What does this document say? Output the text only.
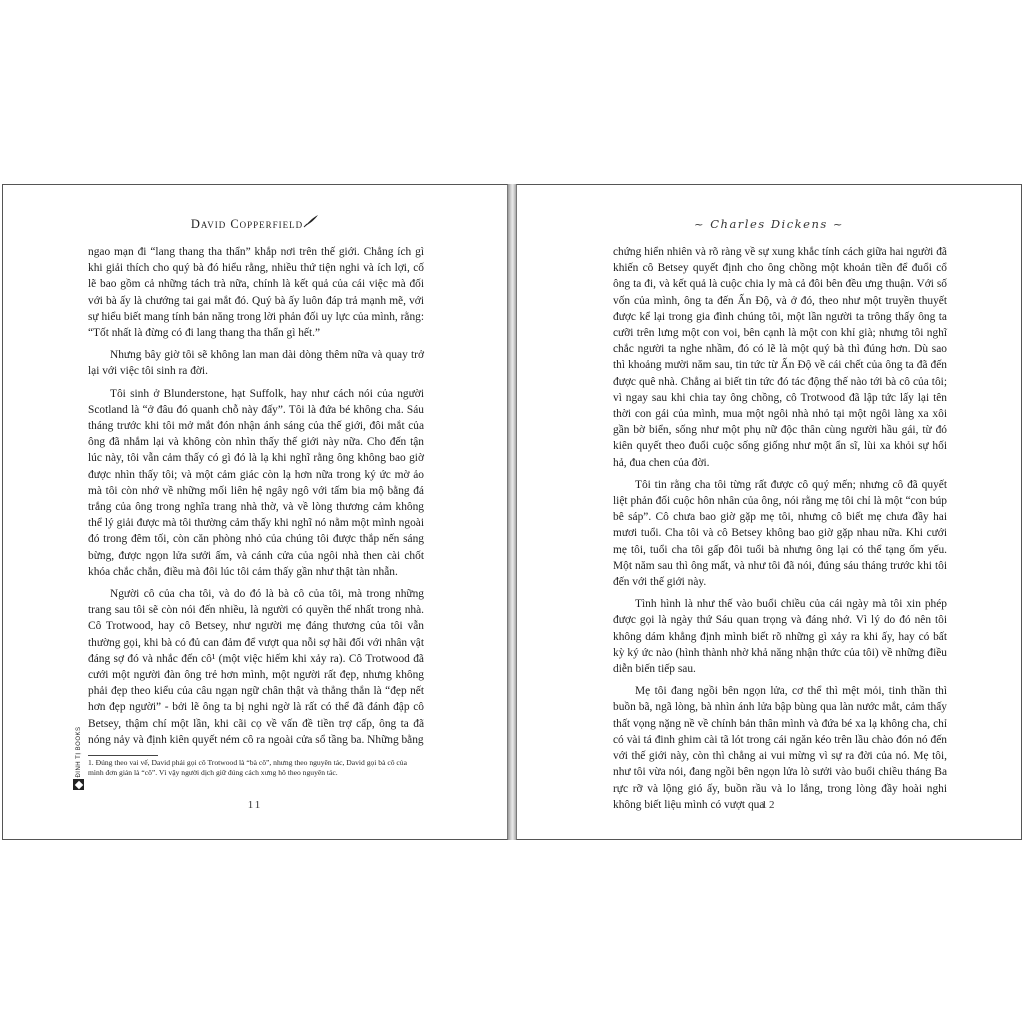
David Copperfield

ngao mạn đi “lang thang tha thẩn” khắp nơi trên thế giới. Chẳng ích gì khi giải thích cho quý bà đó hiểu rằng, nhiều thứ tiện nghi và ích lợi, cố lẽ bao gồm cả những tách trà nữa, chính là kết quả của cái việc mà đối với bà ấy là chướng tai gai mắt đó. Quý bà ấy luôn đáp trả mạnh mẽ, với sự hiểu biết mang tính bản năng trong lời phản đối uy lực của mình, rằng: “Tốt nhất là đừng có đi lang thang tha thẩn gì hết.”

Nhưng bây giờ tôi sẽ không lan man dài dòng thêm nữa và quay trở lại với việc tôi sinh ra đời.

Tôi sinh ở Blunderstone, hạt Suffolk, hay như cách nói của người Scotland là “ở đâu đó quanh chỗ này đấy”. Tôi là đứa bé không cha. Sáu tháng trước khi tôi mở mắt đón nhận ánh sáng của thế giới, đôi mắt của ông đã nhắm lại và không còn nhìn thấy thế giới này nữa. Cho đến tận lúc này, tôi vẫn cảm thấy có gì đó là lạ khi nghĩ rằng ông không bao giờ được nhìn thấy tôi; và một cảm giác còn lạ hơn nữa trong ký ức mờ ảo mà tôi còn nhớ về những mối liên hệ ngây ngô với tấm bia mộ bằng đá trắng của ông trong nghĩa trang nhà thờ, và về lòng thương cảm không thể lý giải được mà tôi thường cảm thấy khi nghĩ nó nằm một mình ngoài đó trong đêm tối, còn căn phòng nhỏ của chúng tôi được thắp nến sáng bừng, được ngọn lửa sưởi ấm, và cánh cửa của ngôi nhà then cài chốt khóa chắc chắn, điều mà đôi lúc tôi cảm thấy gần như thật tàn nhẫn.

Người cô của cha tôi, và do đó là bà cô của tôi, mà trong những trang sau tôi sẽ còn nói đến nhiều, là người có quyền thế nhất trong nhà. Cô Trotwood, hay cô Betsey, như người mẹ đáng thương của tôi vẫn thường gọi, khi bà có đủ can đảm để vượt qua nỗi sợ hãi đối với nhân vật đáng sợ đó và nhắc đến cô¹ (một việc hiếm khi xảy ra). Cô Trotwood đã cưới một người đàn ông trẻ hơn mình, một người rất đẹp, nhưng không phải đẹp theo kiểu của câu ngạn ngữ chân thật và thẳng thắn là “đẹp nết hơn đẹp người” - bởi lẽ ông ta bị nghi ngờ là rất có thể đã đánh đập cô Betsey, thậm chí một lần, khi cãi cọ về vấn đề tiền trợ cấp, ông ta đã nóng nảy và định kiên quyết ném cô ra ngoài cửa sổ tầng ba. Những bằng

1. Đúng theo vai vế, David phải gọi cô Trotwood là “bà cô”, nhưng theo nguyên tác, David gọi bà cô của mình đơn giản là “cô”. Vì vậy người dịch giữ đúng cách xưng hô theo nguyên tác.
ĐINH TỊ BOOKS
11
~ Charles Dickens ~

chứng hiển nhiên và rõ ràng về sự xung khắc tính cách giữa hai người đã khiến cô Betsey quyết định cho ông chồng một khoản tiền để đuổi cổ ông ta đi, và kết quả là cuộc chia ly mà cả đôi bên đều ưng thuận. Với số vốn của mình, ông ta đến Ấn Độ, và ở đó, theo như một truyền thuyết được kể lại trong gia đình chúng tôi, một lần người ta trông thấy ông ta cưỡi trên lưng một con voi, bên cạnh là một con khỉ già; nhưng tôi nghĩ chắc người ta nghe nhầm, đó có lẽ là một quý bà thì đúng hơn. Dù sao thì khoảng mười năm sau, tin tức từ Ấn Độ về cái chết của ông ta đã đến được quê nhà. Chẳng ai biết tin tức đó tác động thế nào tới bà cô của tôi; vì ngay sau khi chia tay ông chồng, cô Trotwood đã lập tức lấy lại tên thời con gái của mình, mua một ngôi nhà nhỏ tại một ngôi làng xa xôi gần bờ biển, sống như một phụ nữ độc thân cùng người hầu gái, từ đó kiên quyết theo đuổi cuộc sống giống như một ẩn sĩ, lùi xa khỏi sự hối hả, đua chen của đời.

Tôi tin rằng cha tôi từng rất được cô quý mến; nhưng cô đã quyết liệt phản đối cuộc hôn nhân của ông, nói rằng mẹ tôi chỉ là một “con búp bê sáp”. Cô chưa bao giờ gặp mẹ tôi, nhưng cô biết mẹ chưa đầy hai mươi tuổi. Cha tôi và cô Betsey không bao giờ gặp nhau nữa. Khi cưới mẹ tôi, tuổi cha tôi gấp đôi tuổi bà nhưng ông lại có thể tạng ốm yếu. Một năm sau thì ông mất, và như tôi đã nói, đúng sáu tháng trước khi tôi đến với thế giới này.

Tình hình là như thế vào buổi chiều của cái ngày mà tôi xin phép được gọi là ngày thứ Sáu quan trọng và đáng nhớ. Vì lý do đó nên tôi không dám khẳng định mình biết rõ những gì xảy ra khi ấy, hay có bất kỳ ký ức nào (hình thành nhờ khả năng nhận thức của tôi) về những điều diễn biến tiếp sau.

Mẹ tôi đang ngồi bên ngọn lửa, cơ thể thì mệt mỏi, tinh thần thì buồn bã, ngã lòng, bà nhìn ánh lửa bập bùng qua làn nước mắt, cảm thấy thất vọng nặng nề về chính bản thân mình và đứa bé xa lạ không cha, chỉ có vài tá đinh ghim cài tã lót trong cái ngăn kéo trên lầu chào đón nó đến với thế giới này, còn thì chẳng ai vui mừng vì sự ra đời của nó. Mẹ tôi, như tôi vừa nói, đang ngồi bên ngọn lửa lò sưởi vào buổi chiều tháng Ba rực rỡ và lộng gió ấy, buồn rầu và lo lắng, trong lòng đầy hoài nghi không biết liệu mình có vượt qua

12
